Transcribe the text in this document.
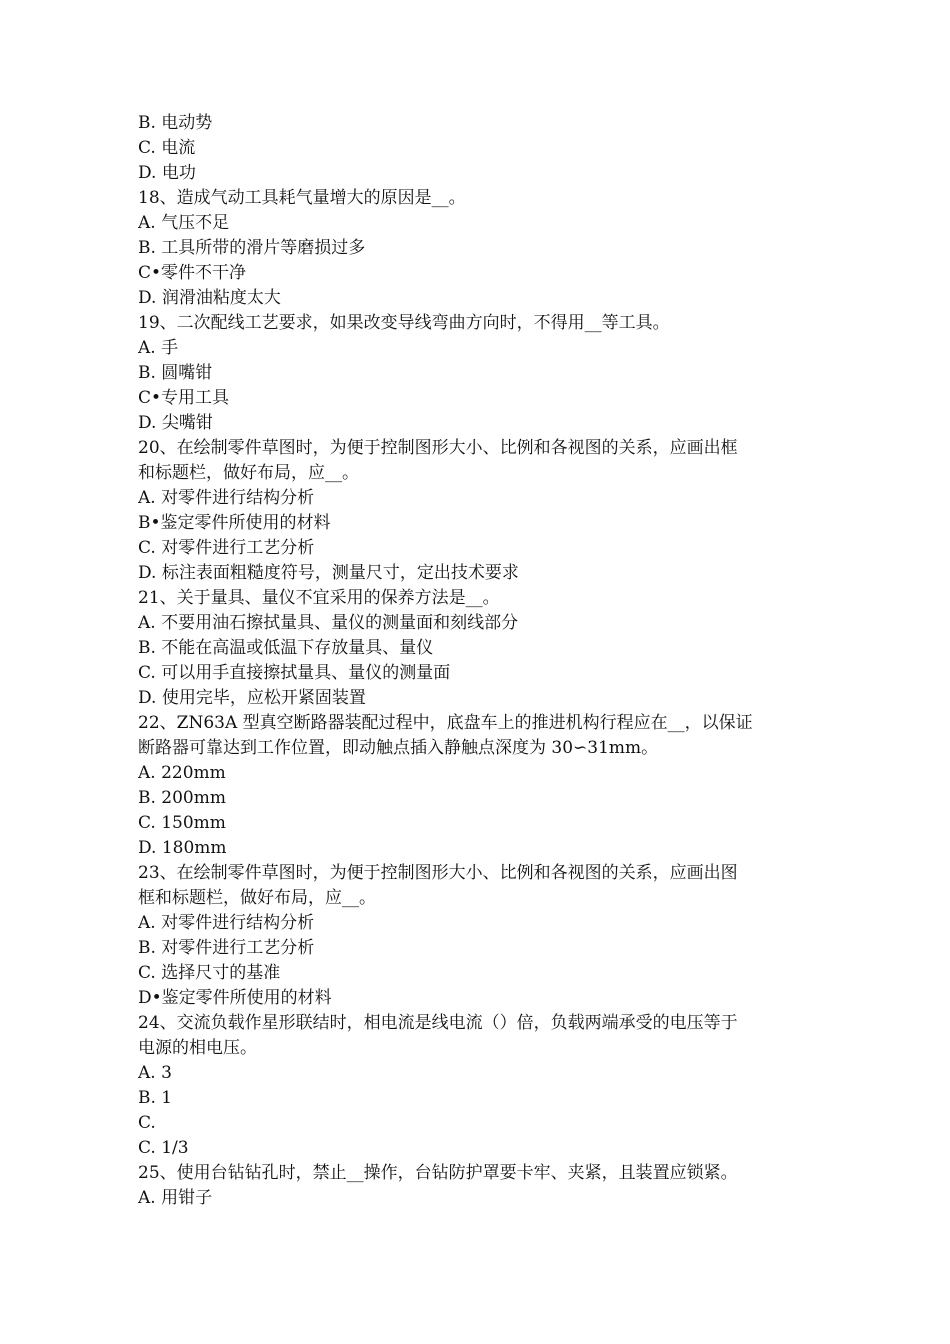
B. 电动势
C. 电流
D. 电功
18、造成气动工具耗气量增大的原因是__。
A. 气压不足
B. 工具所带的滑片等磨损过多
C•零件不干净
D. 润滑油粘度太大
19、二次配线工艺要求，如果改变导线弯曲方向时，不得用__等工具。
A. 手
B. 圆嘴钳
C•专用工具
D. 尖嘴钳
20、在绘制零件草图时，为便于控制图形大小、比例和各视图的关系，应画出框
和标题栏，做好布局，应__。
A. 对零件进行结构分析
B•鉴定零件所使用的材料
C. 对零件进行工艺分析
D. 标注表面粗糙度符号，测量尺寸，定出技术要求
21、关于量具、量仪不宜采用的保养方法是__。
A. 不要用油石擦拭量具、量仪的测量面和刻线部分
B. 不能在高温或低温下存放量具、量仪
C. 可以用手直接擦拭量具、量仪的测量面
D. 使用完毕，应松开紧固装置
22、ZN63A 型真空断路器装配过程中，底盘车上的推进机构行程应在__，以保证
断路器可靠达到工作位置，即动触点插入静触点深度为 30∽31mm。
A. 220mm
B. 200mm
C. 150mm
D. 180mm
23、在绘制零件草图时，为便于控制图形大小、比例和各视图的关系，应画出图
框和标题栏，做好布局，应__。
A. 对零件进行结构分析
B. 对零件进行工艺分析
C. 选择尺寸的基准
D•鉴定零件所使用的材料
24、交流负载作星形联结时，相电流是线电流（）倍，负载两端承受的电压等于
电源的相电压。
A. 3
B. 1
C.
C. 1/3
25、使用台钻钻孔时，禁止__操作，台钻防护罩要卡牢、夹紧，且装置应锁紧。
A. 用钳子
